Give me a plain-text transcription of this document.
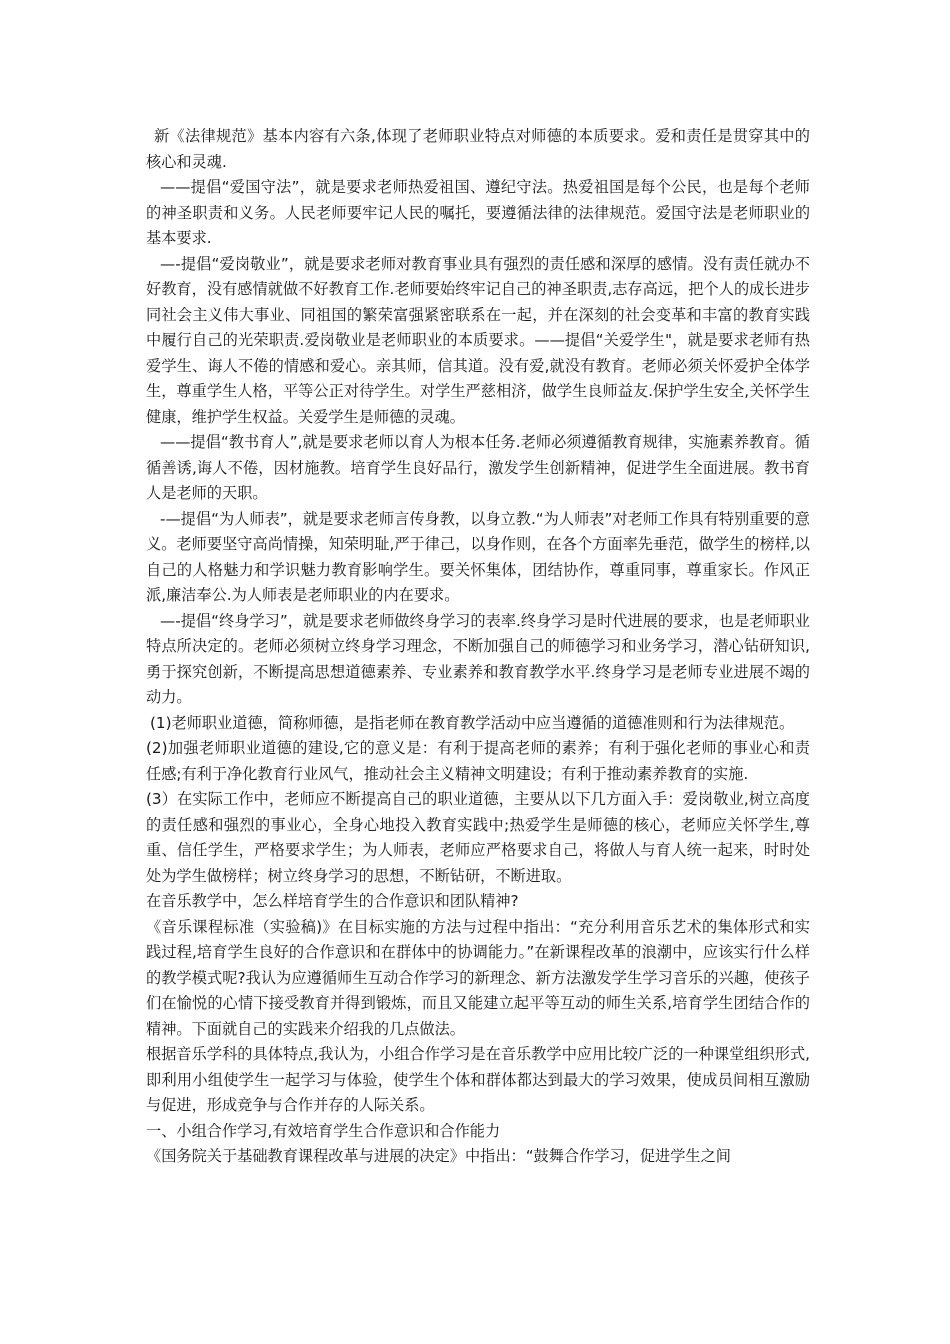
新《法律规范》基本内容有六条,体现了老师职业特点对师德的本质要求。爱和责任是贯穿其中的核心和灵魂.

——提倡“爱国守法”，就是要求老师热爱祖国、遵纪守法。热爱祖国是每个公民，也是每个老师的神圣职责和义务。人民老师要牢记人民的嘱托，要遵循法律的法律规范。爱国守法是老师职业的基本要求.

—-提倡“爱岗敬业”，就是要求老师对教育事业具有强烈的责任感和深厚的感情。没有责任就办不好教育，没有感情就做不好教育工作.老师要始终牢记自己的神圣职责,志存高远，把个人的成长进步同社会主义伟大事业、同祖国的繁荣富强紧密联系在一起，并在深刻的社会变革和丰富的教育实践中履行自己的光荣职责.爱岗敬业是老师职业的本质要求。——提倡“关爱学生"，就是要求老师有热爱学生、诲人不倦的情感和爱心。亲其师，信其道。没有爱,就没有教育。老师必须关怀爱护全体学生，尊重学生人格，平等公正对待学生。对学生严慈相济，做学生良师益友.保护学生安全,关怀学生健康，维护学生权益。关爱学生是师德的灵魂。

——提倡“教书育人”,就是要求老师以育人为根本任务.老师必须遵循教育规律，实施素养教育。循循善诱,诲人不倦，因材施教。培育学生良好品行，激发学生创新精神，促进学生全面进展。教书育人是老师的天职。

-—提倡“为人师表”，就是要求老师言传身教，以身立教.“为人师表”对老师工作具有特别重要的意义。老师要坚守高尚情操，知荣明耻,严于律己，以身作则，在各个方面率先垂范，做学生的榜样,以自己的人格魅力和学识魅力教育影响学生。要关怀集体，团结协作，尊重同事，尊重家长。作风正派,廉洁奉公.为人师表是老师职业的内在要求。

—-提倡“终身学习”，就是要求老师做终身学习的表率.终身学习是时代进展的要求，也是老师职业特点所决定的。老师必须树立终身学习理念，不断加强自己的师德学习和业务学习，潜心钻研知识,勇于探究创新，不断提高思想道德素养、专业素养和教育教学水平.终身学习是老师专业进展不竭的动力。

(1)老师职业道德，简称师德，是指老师在教育教学活动中应当遵循的道德准则和行为法律规范。

(2)加强老师职业道德的建设,它的意义是：有利于提高老师的素养；有利于强化老师的事业心和责任感;有利于净化教育行业风气，推动社会主义精神文明建设；有利于推动素养教育的实施.

(3）在实际工作中，老师应不断提高自己的职业道德，主要从以下几方面入手：爱岗敬业,树立高度的责任感和强烈的事业心，全身心地投入教育实践中;热爱学生是师德的核心，老师应关怀学生,尊重、信任学生，严格要求学生；为人师表，老师应严格要求自己，将做人与育人统一起来，时时处处为学生做榜样；树立终身学习的思想，不断钻研，不断进取。

在音乐教学中，怎么样培育学生的合作意识和团队精神?

《音乐课程标准（实验稿)》在目标实施的方法与过程中指出：“充分利用音乐艺术的集体形式和实践过程,培育学生良好的合作意识和在群体中的协调能力。”在新课程改革的浪潮中，应该实行什么样的教学模式呢?我认为应遵循师生互动合作学习的新理念、新方法激发学生学习音乐的兴趣，使孩子们在愉悦的心情下接受教育并得到锻炼，而且又能建立起平等互动的师生关系,培育学生团结合作的精神。下面就自己的实践来介绍我的几点做法。

根据音乐学科的具体特点,我认为，小组合作学习是在音乐教学中应用比较广泛的一种课堂组织形式,即利用小组使学生一起学习与体验，使学生个体和群体都达到最大的学习效果，使成员间相互激励与促进，形成竞争与合作并存的人际关系。

一、小组合作学习,有效培育学生合作意识和合作能力

《国务院关于基础教育课程改革与进展的决定》中指出：“鼓舞合作学习，促进学生之间
